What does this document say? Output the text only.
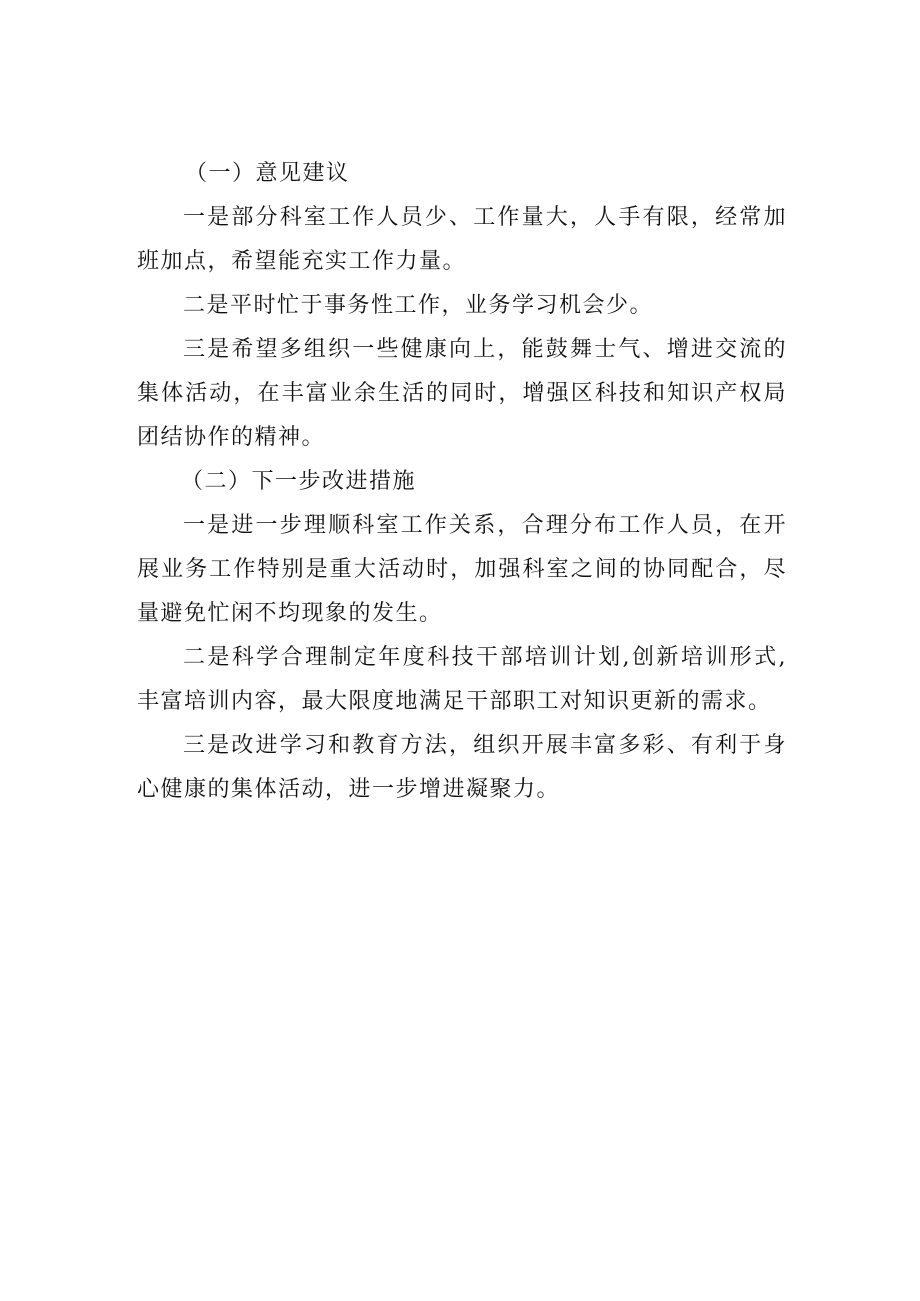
（一）意见建议

一是部分科室工作人员少、工作量大，人手有限，经常加班加点，希望能充实工作力量。

二是平时忙于事务性工作，业务学习机会少。

三是希望多组织一些健康向上，能鼓舞士气、增进交流的集体活动，在丰富业余生活的同时，增强区科技和知识产权局团结协作的精神。

（二）下一步改进措施

一是进一步理顺科室工作关系，合理分布工作人员，在开展业务工作特别是重大活动时，加强科室之间的协同配合，尽量避免忙闲不均现象的发生。

二是科学合理制定年度科技干部培训计划,创新培训形式,丰富培训内容，最大限度地满足干部职工对知识更新的需求。

三是改进学习和教育方法，组织开展丰富多彩、有利于身心健康的集体活动，进一步增进凝聚力。
